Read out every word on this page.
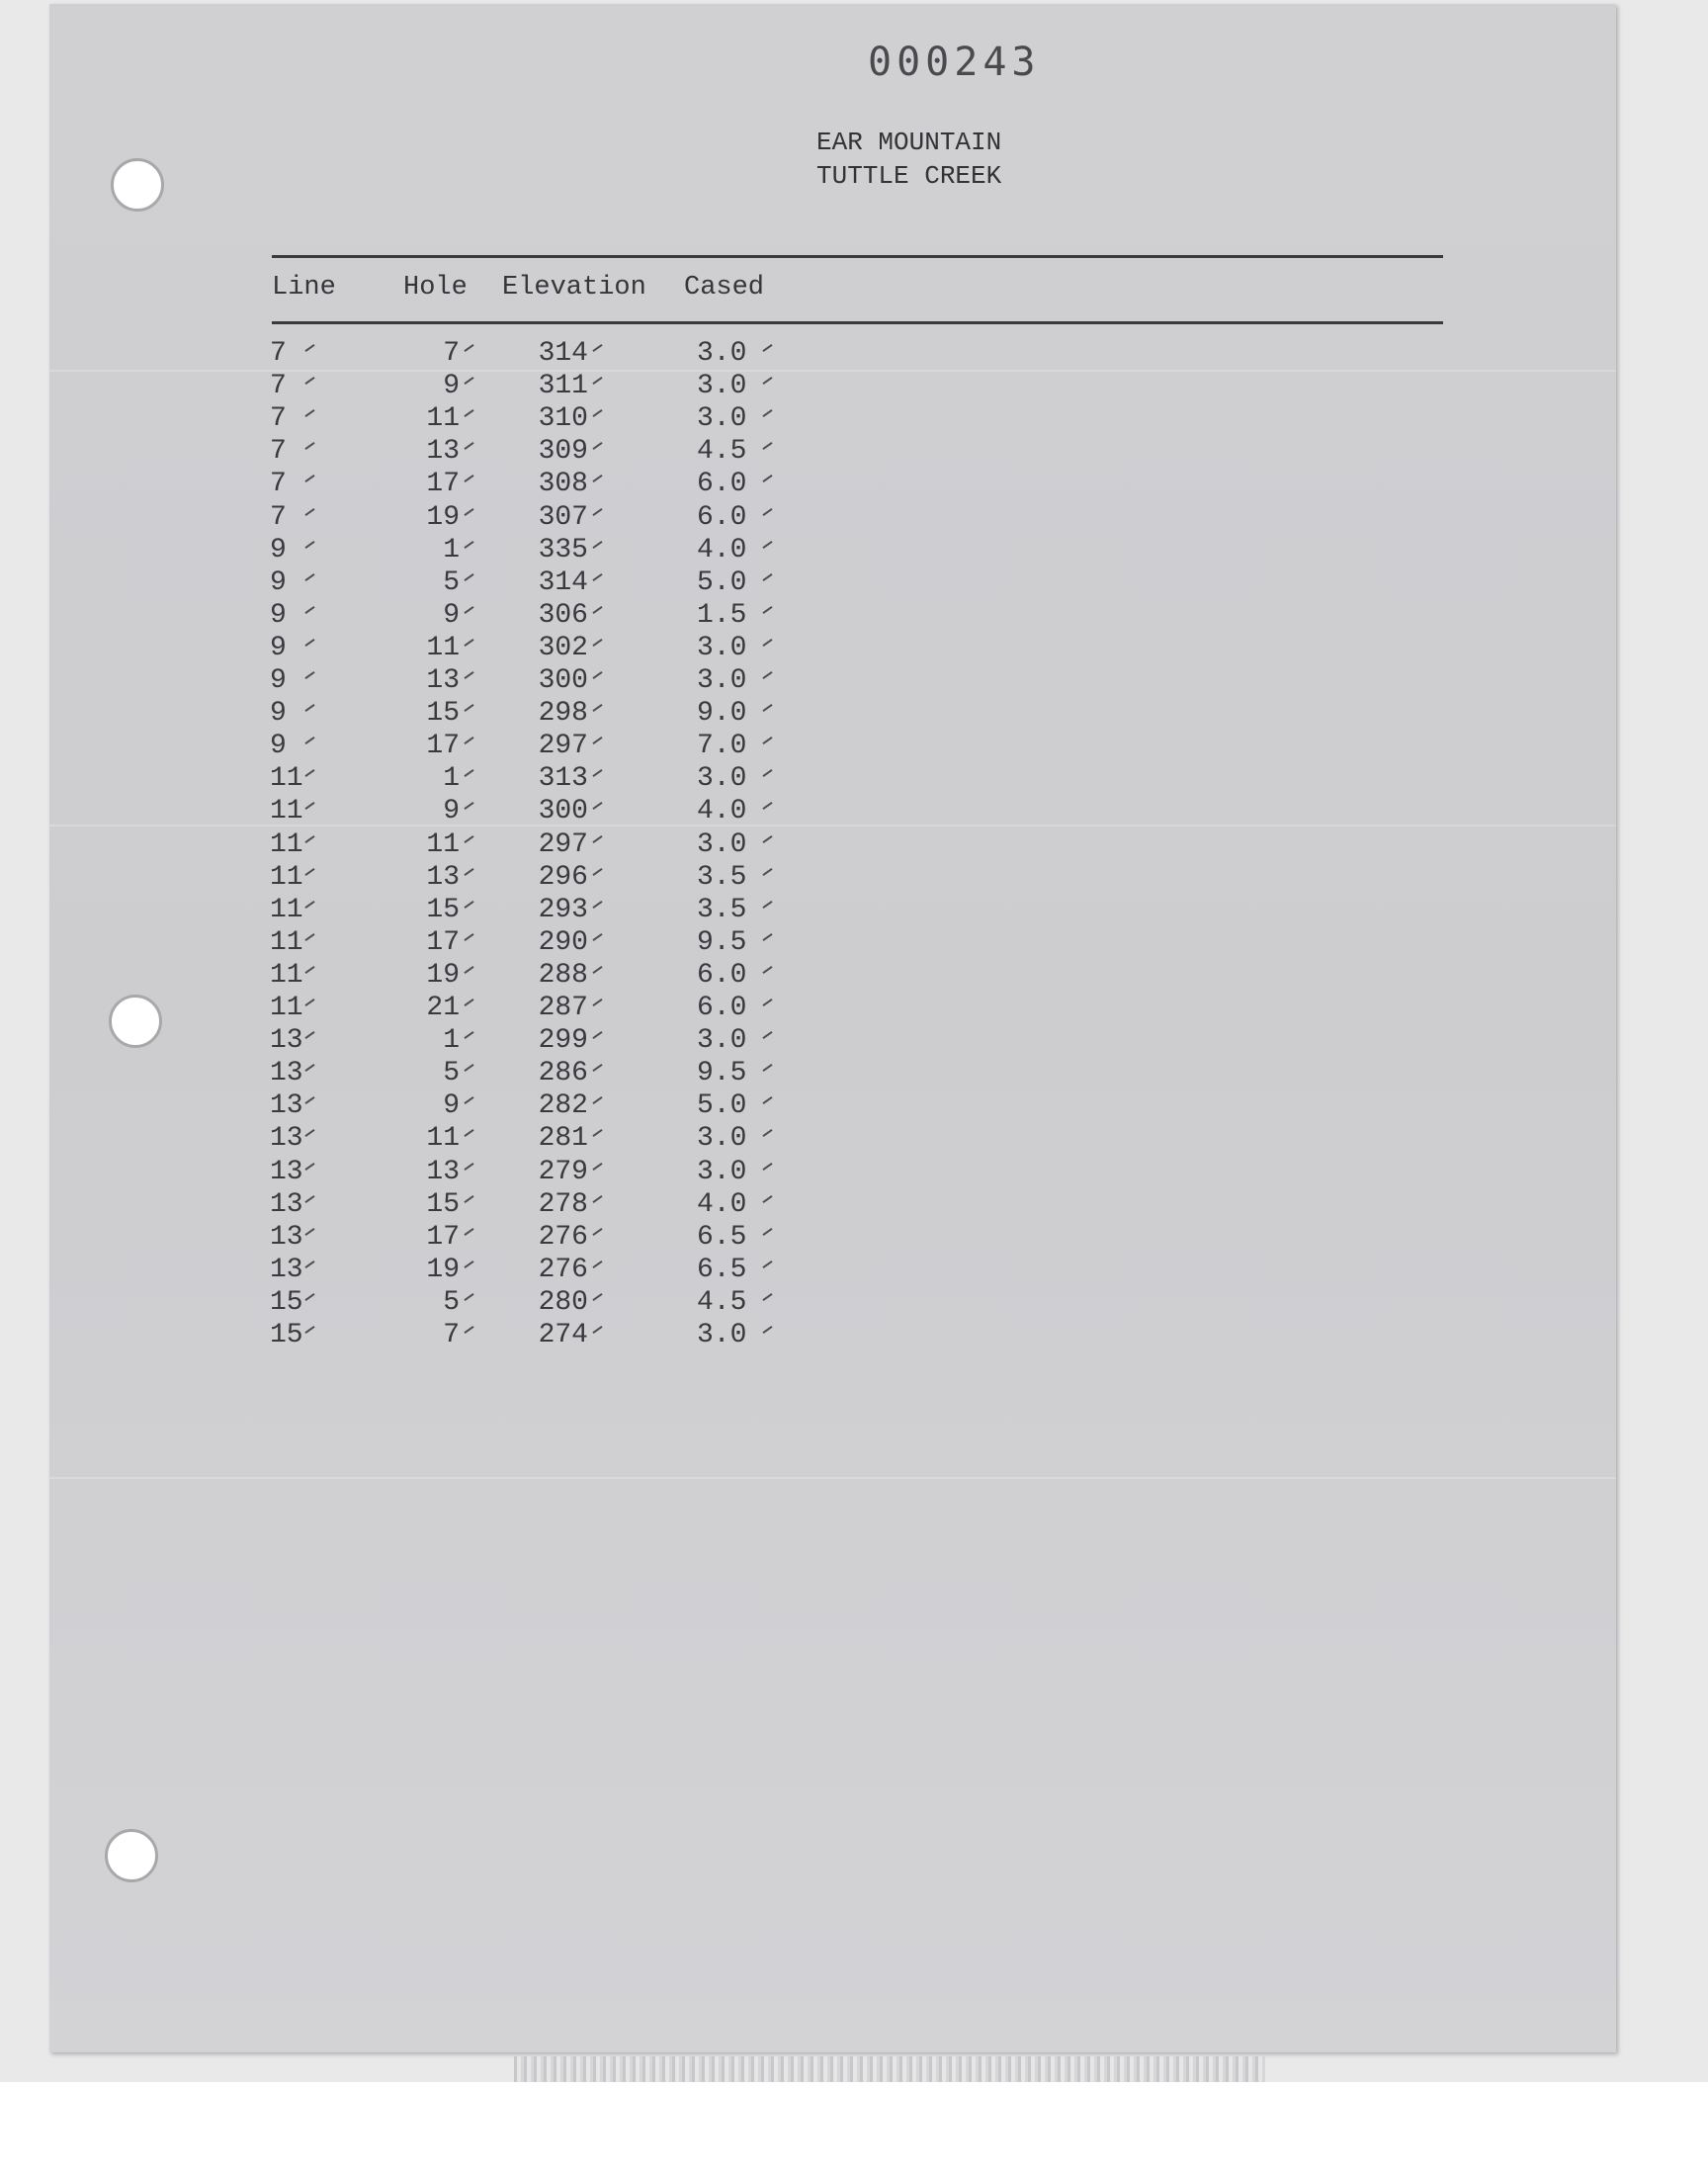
000243
EAR MOUNTAIN
TUTTLE CREEK
Line	Hole Elevation Cased
7	7	314	3.0
7	9	311	3.0
7	11	310	3.0
7	13	309	4.5
7	17	308	6.0
7	19	307	6.0
9	1	335	4.0
9	5	314	5.0
9	9	306	1.5
9	11	302	3.0
9	13	300	3.0
9	15	298	9.0
9	17	297	7.0
11	1	313	3.0
11	9	300	4.0
11	11	297	3.0
11	13	296	3.5
11	15	293	3.5
11	17	290	9.5
11	19	288	6.0
11	21	287	6.0
13	1	299	3.0
13	5	286	9.5
13	9	282	5.0
13	11	281	3.0
13	13	279	3.0
13	15	278	4.0
13	17	276	6.5
13	19	276	6.5
15	5	280	4.5
15	7	274	3.0
